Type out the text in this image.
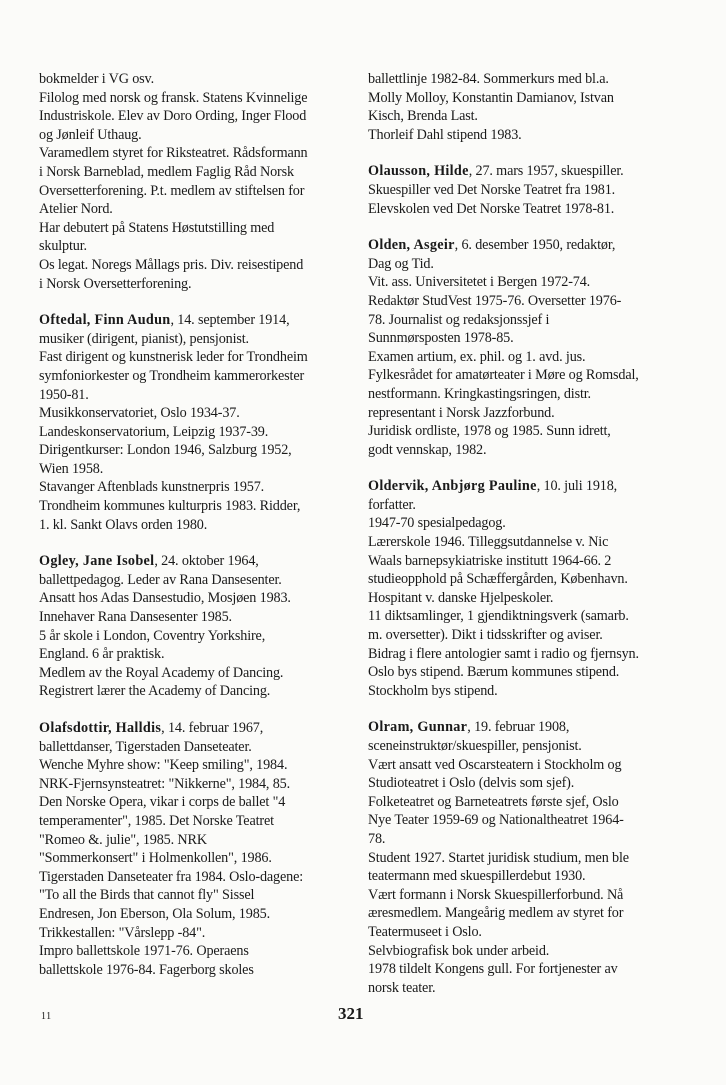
bokmelder i VG osv.
Filolog med norsk og fransk. Statens Kvinnelige
Industriskole. Elev av Doro Ording, Inger Flood
og Jønleif Uthaug.
Varamedlem styret for Riksteatret. Rådsformann
i Norsk Barneblad, medlem Faglig Råd Norsk
Oversetterforening. P.t. medlem av stiftelsen for
Atelier Nord.
Har debutert på Statens Høstutstilling med
skulptur.
Os legat. Noregs Mållags pris. Div. reisestipend
i Norsk Oversetterforening.
Oftedal, Finn Audun, 14. september 1914,
musiker (dirigent, pianist), pensjonist.
Fast dirigent og kunstnerisk leder for Trondheim
symfoniorkester og Trondheim kammerorkester
1950-81.
Musikkonservatoriet, Oslo 1934-37.
Landeskonservatorium, Leipzig 1937-39.
Dirigentkurser: London 1946, Salzburg 1952,
Wien 1958.
Stavanger Aftenblads kunstnerpris 1957.
Trondheim kommunes kulturpris 1983. Ridder,
1. kl. Sankt Olavs orden 1980.
Ogley, Jane Isobel, 24. oktober 1964,
ballettpedagog. Leder av Rana Dansesenter.
Ansatt hos Adas Dansestudio, Mosjøen 1983.
Innehaver Rana Dansesenter 1985.
5 år skole i London, Coventry Yorkshire,
England. 6 år praktisk.
Medlem av the Royal Academy of Dancing.
Registrert lærer the Academy of Dancing.
Olafsdottir, Halldis, 14. februar 1967,
ballettdanser, Tigerstaden Danseteater.
Wenche Myhre show: "Keep smiling", 1984.
NRK-Fjernsynsteatret: "Nikkerne", 1984, 85.
Den Norske Opera, vikar i corps de ballet "4
temperamenter", 1985. Det Norske Teatret
"Romeo &. julie", 1985. NRK
"Sommerkonsert" i Holmenkollen", 1986.
Tigerstaden Danseteater fra 1984. Oslo-dagene:
"To all the Birds that cannot fly" Sissel
Endresen, Jon Eberson, Ola Solum, 1985.
Trikkestallen: "Vårslepp -84".
Impro ballettskole 1971-76. Operaens
ballettskole 1976-84. Fagerborg skoles
ballettlinje 1982-84. Sommerkurs med bl.a.
Molly Molloy, Konstantin Damianov, Istvan
Kisch, Brenda Last.
Thorleif Dahl stipend 1983.
Olausson, Hilde, 27. mars 1957, skuespiller.
Skuespiller ved Det Norske Teatret fra 1981.
Elevskolen ved Det Norske Teatret 1978-81.
Olden, Asgeir, 6. desember 1950, redaktør,
Dag og Tid.
Vit. ass. Universitetet i Bergen 1972-74.
Redaktør StudVest 1975-76. Oversetter 1976-
78. Journalist og redaksjonssjef i
Sunnmørsposten 1978-85.
Examen artium, ex. phil. og 1. avd. jus.
Fylkesrådet for amatørteater i Møre og Romsdal,
nestformann. Kringkastingsringen, distr.
representant i Norsk Jazzforbund.
Juridisk ordliste, 1978 og 1985. Sunn idrett,
godt vennskap, 1982.
Oldervik, Anbjørg Pauline, 10. juli 1918,
forfatter.
1947-70 spesialpedagog.
Lærerskole 1946. Tilleggsutdannelse v. Nic
Waals barnepsykiatriske institutt 1964-66. 2
studieopphold på Schæffergården, København.
Hospitant v. danske Hjelpeskoler.
11 diktsamlinger, 1 gjendiktningsverk (samarb.
m. oversetter). Dikt i tidsskrifter og aviser.
Bidrag i flere antologier samt i radio og fjernsyn.
Oslo bys stipend. Bærum kommunes stipend.
Stockholm bys stipend.
Olram, Gunnar, 19. februar 1908,
sceneinstruktør/skuespiller, pensjonist.
Vært ansatt ved Oscarsteatern i Stockholm og
Studioteatret i Oslo (delvis som sjef).
Folketeatret og Barneteatrets første sjef, Oslo
Nye Teater 1959-69 og Nationaltheatret 1964-
78.
Student 1927. Startet juridisk studium, men ble
teatermann med skuespillerdebut 1930.
Vært formann i Norsk Skuespillerforbund. Nå
æresmedlem. Mangeårig medlem av styret for
Teatermuseet i Oslo.
Selvbiografisk bok under arbeid.
1978 tildelt Kongens gull. For fortjenester av
norsk teater.
11	321
